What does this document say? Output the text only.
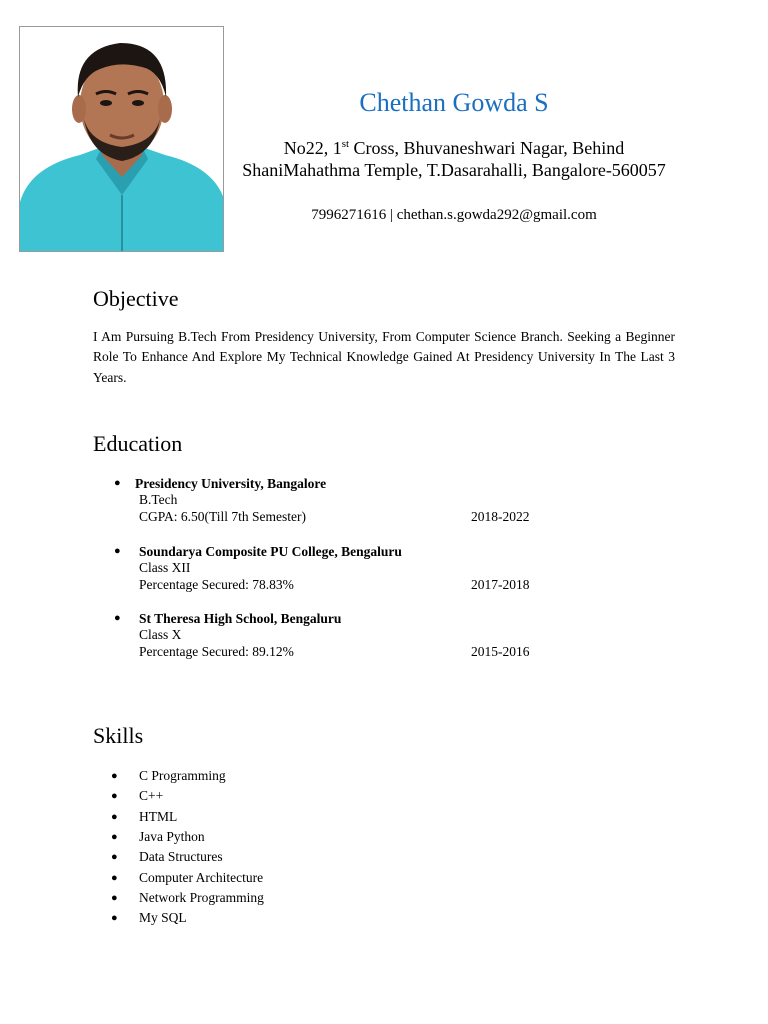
Chethan Gowda S
No22, 1st Cross, Bhuvaneshwari Nagar, Behind ShaniMahathma Temple, T.Dasarahalli, Bangalore-560057
7996271616 | chethan.s.gowda292@gmail.com
Objective
I Am Pursuing B.Tech From Presidency University, From Computer Science Branch. Seeking a Beginner Role To Enhance And Explore My Technical Knowledge Gained At Presidency University In The Last 3 Years.
Education
● Presidency University, Bangalore
B.Tech
CGPA: 6.50(Till 7th Semester)	2018-2022
● Soundarya Composite PU College, Bengaluru
Class XII
Percentage Secured: 78.83%	2017-2018
● St Theresa High School, Bengaluru
Class X
Percentage Secured: 89.12%	2015-2016
Skills
●	C Programming
●	C++
●	HTML
●	Java Python
●	Data Structures
●	Computer Architecture
●	Network Programming
●	My SQL
